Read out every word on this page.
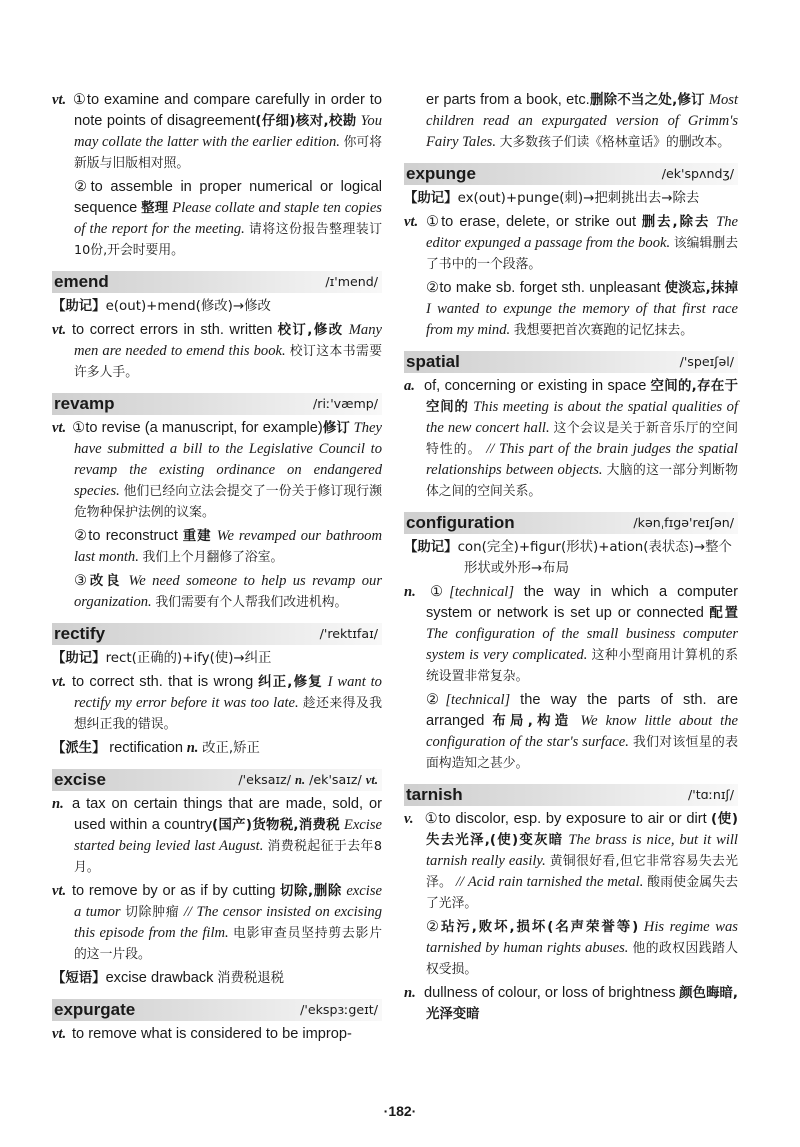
vt. ①to examine and compare carefully in order to note points of disagreement(仔细)核对,校勘 You may collate the latter with the earlier edition. 你可将新版与旧版相对照。
②to assemble in proper numerical or logical sequence 整理 Please collate and staple ten copies of the report for the meeting. 请将这份报告整理装订10份,开会时要用。
emend	/ɪ'mend/
【助记】e(out)+mend(修改)→修改
vt. to correct errors in sth. written 校订,修改 Many men are needed to emend this book. 校订这本书需要许多人手。
revamp	/riː'væmp/
vt. ①to revise (a manuscript, for example)修订 They have submitted a bill to the Legislative Council to revamp the existing ordinance on endangered species. 他们已经向立法会提交了一份关于修订现行濒危物种保护法例的议案。
②to reconstruct 重建 We revamped our bathroom last month. 我们上个月翻修了浴室。
③改良 We need someone to help us revamp our organization. 我们需要有个人帮我们改进机构。
rectify	/'rektɪfaɪ/
【助记】rect(正确的)+ify(使)→纠正
vt. to correct sth. that is wrong 纠正,修复 I want to rectify my error before it was too late. 趁还来得及我想纠正我的错误。
【派生】 rectification n. 改正,矫正
excise	/'eksaɪz/ n. /ek'saɪz/ vt.
n. a tax on certain things that are made, sold, or used within a country(国产)货物税,消费税 Excise started being levied last August. 消费税起征于去年8月。
vt. to remove by or as if by cutting 切除,删除 excise a tumor 切除肿瘤 // The censor insisted on excising this episode from the film. 电影审查员坚持剪去影片的这一片段。
【短语】excise drawback 消费税退税
expurgate	/'ekspɜːgeɪt/
vt. to remove what is considered to be improp-
er parts from a book, etc.删除不当之处,修订 Most children read an expurgated version of Grimm's Fairy Tales. 大多数孩子们读《格林童话》的删改本。
expunge	/ek'spʌndʒ/
【助记】ex(out)+punge(刺)→把刺挑出去→除去
vt. ①to erase, delete, or strike out 删去,除去 The editor expunged a passage from the book. 该编辑删去了书中的一个段落。
②to make sb. forget sth. unpleasant 使淡忘,抹掉 I wanted to expunge the memory of that first race from my mind. 我想要把首次赛跑的记忆抹去。
spatial	/'speɪʃəl/
a. of, concerning or existing in space 空间的,存在于空间的 This meeting is about the spatial qualities of the new concert hall. 这个会议是关于新音乐厅的空间特性的。 // This part of the brain judges the spatial relationships between objects. 大脑的这一部分判断物体之间的空间关系。
configuration	/kənˌfɪgə'reɪʃən/
【助记】con(完全)+figur(形状)+ation(表状态)→整个形状或外形→布局
n. ①[technical] the way in which a computer system or network is set up or connected 配置 The configuration of the small business computer system is very complicated. 这种小型商用计算机的系统设置非常复杂。
②[technical] the way the parts of sth. are arranged 布局,构造 We know little about the configuration of the star's surface. 我们对该恒星的表面构造知之甚少。
tarnish	/'tɑːnɪʃ/
v. ①to discolor, esp. by exposure to air or dirt (使)失去光泽,(使)变灰暗 The brass is nice, but it will tarnish really easily. 黄铜很好看,但它非常容易失去光泽。 // Acid rain tarnished the metal. 酸雨使金属失去了光泽。
②玷污,败坏,损坏(名声荣誉等) His regime was tarnished by human rights abuses. 他的政权因践踏人权受损。
n. dullness of colour, or loss of brightness 颜色晦暗,光泽变暗
·182·
